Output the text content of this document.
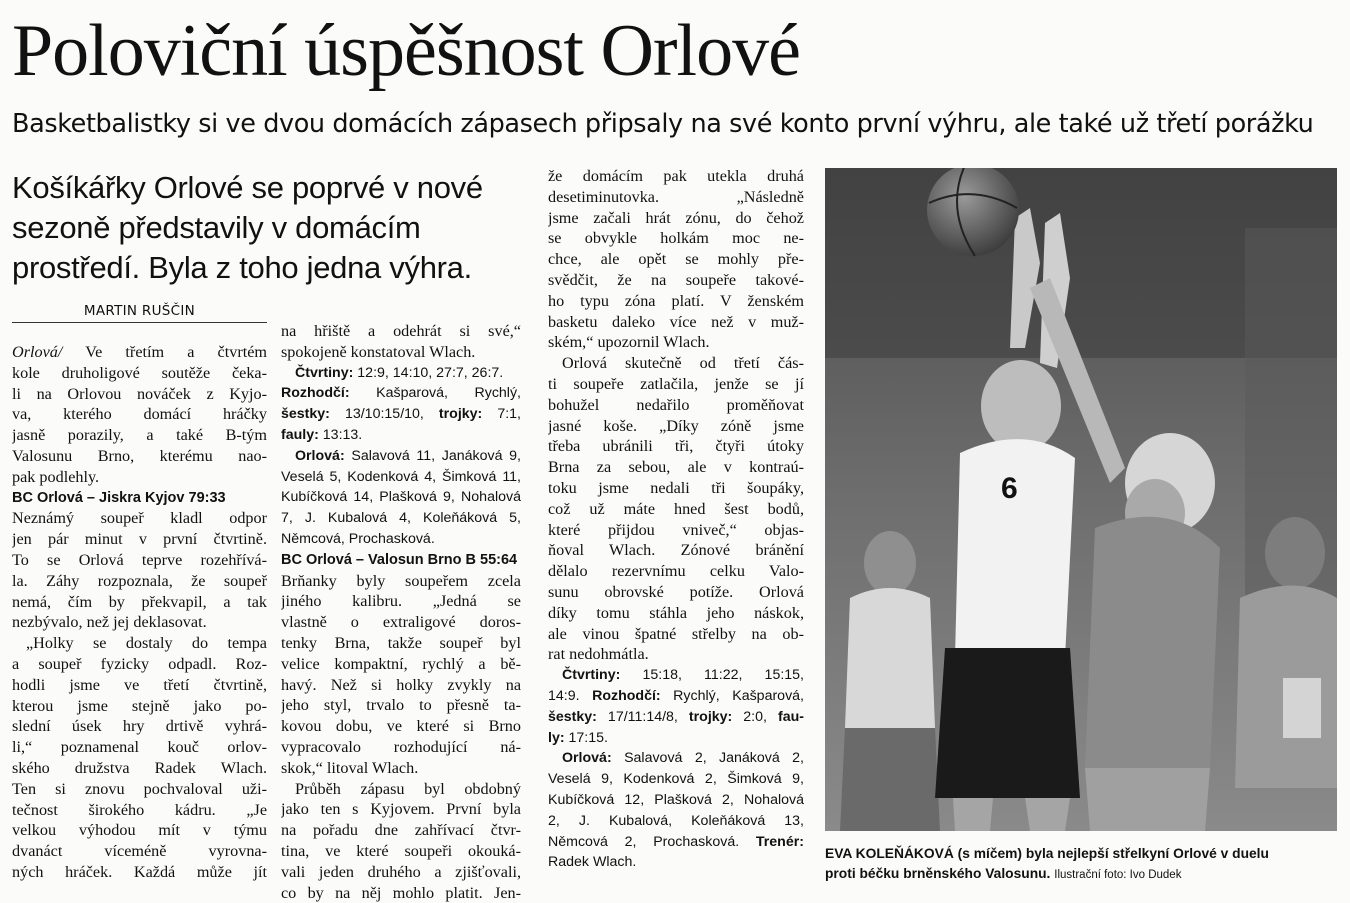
Poloviční úspěšnost Orlové
Basketbalistky si ve dvou domácích zápasech připsaly na své konto první výhru, ale také už třetí porážku
Košíkářky Orlové se poprvé v nové
sezoně představily v domácím
prostředí. Byla z toho jedna výhra.
MARTIN RUŠČIN
Orlová/ Ve třetím a čtvrtém
kole druholigové soutěže čeka-
li na Orlovou nováček z Kyjo-
va, kterého domácí hráčky
jasně porazily, a také B-tým
Valosunu Brno, kterému nao-
pak podlehly.
BC Orlová – Jiskra Kyjov 79:33
Neznámý soupeř kladl odpor
jen pár minut v první čtvrtině.
To se Orlová teprve rozehřívá-
la. Záhy rozpoznala, že soupeř
nemá, čím by překvapil, a tak
nezbývalo, než jej deklasovat.
„Holky se dostaly do tempa
a soupeř fyzicky odpadl. Roz-
hodli jsme ve třetí čtvrtině,
kterou jsme stejně jako po-
slední úsek hry drtivě vyhrá-
li,“ poznamenal kouč orlov-
ského družstva Radek Wlach.
Ten si znovu pochvaloval uži-
tečnost širokého kádru. „Je
velkou výhodou mít v týmu
dvanáct víceméně vyrovna-
ných hráček. Každá může jít
na hřiště a odehrát si své,“
spokojeně konstatoval Wlach.
Čtvrtiny: 12:9, 14:10, 27:7, 26:7.
Rozhodčí: Kašparová, Rychlý,
šestky: 13/10:15/10, trojky: 7:1,
fauly: 13:13.
Orlová: Salavová 11, Janáková 9,
Veselá 5, Kodenková 4, Šimková 11,
Kubíčková 14, Plašková 9, Nohalová
7, J. Kubalová 4, Koleňáková 5,
Němcová, Prochasková.
BC Orlová – Valosun Brno B 55:64
Brňanky byly soupeřem zcela
jiného kalibru. „Jedná se
vlastně o extraligové doros-
tenky Brna, takže soupeř byl
velice kompaktní, rychlý a bě-
havý. Než si holky zvykly na
jeho styl, trvalo to přesně ta-
kovou dobu, ve které si Brno
vypracovalo rozhodující ná-
skok,“ litoval Wlach.
Průběh zápasu byl obdobný
jako ten s Kyjovem. První byla
na pořadu dne zahřívací čtvr-
tina, ve které soupeři okouká-
vali jeden druhého a zjišťovali,
co by na něj mohlo platit. Jen-
že domácím pak utekla druhá
desetiminutovka. „Následně
jsme začali hrát zónu, do čehož
se obvykle holkám moc ne-
chce, ale opět se mohly pře-
svědčit, že na soupeře takové-
ho typu zóna platí. V ženském
basketu daleko více než v muž-
ském,“ upozornil Wlach.
Orlová skutečně od třetí čás-
ti soupeře zatlačila, jenže se jí
bohužel nedařilo proměňovat
jasné koše. „Díky zóně jsme
třeba ubránili tři, čtyři útoky
Brna za sebou, ale v kontraú-
toku jsme nedali tři šoupáky,
což už máte hned šest bodů,
které přijdou vniveč,“ objas-
ňoval Wlach. Zónové bránění
dělalo rezervnímu celku Valo-
sunu obrovské potíže. Orlová
díky tomu stáhla jeho náskok,
ale vinou špatné střelby na ob-
rat nedohmátla.
Čtvrtiny: 15:18, 11:22, 15:15,
14:9. Rozhodčí: Rychlý, Kašparová,
šestky: 17/11:14/8, trojky: 2:0, fau-
ly: 17:15.
Orlová: Salavová 2, Janáková 2,
Veselá 9, Kodenková 2, Šimková 9,
Kubíčková 12, Plašková 2, Nohalová
2, J. Kubalová, Koleňáková 13,
Němcová 2, Prochasková. Trenér:
Radek Wlach.
6
EVA KOLEŇÁKOVÁ (s míčem) byla nejlepší střelkyní Orlové v duelu
proti béčku brněnského Valosunu. Ilustrační foto: Ivo Dudek
